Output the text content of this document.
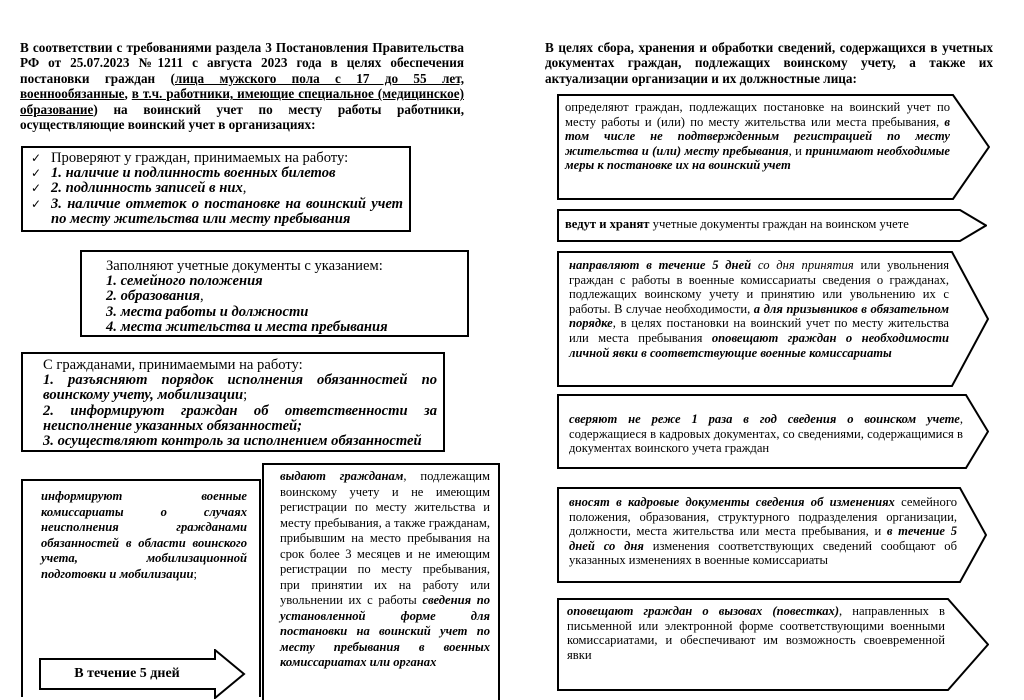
В соответствии с требованиями раздела 3 Постановления Правительства РФ от 25.07.2023 №1211 с августа 2023 года в целях обеспечения постановки граждан (лица мужского пола с 17 до 55 лет, военнообязанные, в т.ч. работники, имеющие специальное (медицинское) образование) на воинский учет по месту работы работники, осуществляющие воинский учет в организациях:
В целях сбора, хранения и обработки сведений, содержащихся в учетных документах граждан, подлежащих воинскому учету, а также их актуализации организации и их должностные лица:
✓ Проверяют у граждан, принимаемых на работу:
✓ 1. наличие и подлинность военных билетов
✓ 2. подлинность записей в них,
✓ 3. наличие отметок о постановке на воинский учет по месту жительства или месту пребывания
Заполняют учетные документы с указанием:
1. семейного положения
2. образования,
3. места работы и должности
4. места жительства и места пребывания
С гражданами, принимаемыми на работу:
1. разъясняют порядок исполнения обязанностей по воинскому учету, мобилизации;
2. информируют граждан об ответственности за неисполнение указанных обязанностей;
3. осуществляют контроль за исполнением обязанностей
информируют военные комиссариаты о случаях неисполнения гражданами обязанностей в области воинского учета, мобилизационной подготовки и мобилизации;
В течение 5 дней
выдают гражданам, подлежащим воинскому учету и не имеющим регистрации по месту жительства и месту пребывания, а также гражданам, прибывшим на место пребывания на срок более 3 месяцев и не имеющим регистрации по месту пребывания, при принятии их на работу или увольнении их с работы сведения по установленной форме для постановки на воинский учет по месту пребывания в военных комиссариатах или органах
определяют граждан, подлежащих постановке на воинский учет по месту работы и (или) по месту жительства или места пребывания, в том числе не подтвержденным регистрацией по месту жительства и (или) месту пребывания, и принимают необходимые меры к постановке их на воинский учет
ведут и хранят учетные документы граждан на воинском учете
направляют в течение 5 дней со дня принятия или увольнения граждан с работы в военные комиссариаты сведения о гражданах, подлежащих воинскому учету и принятию или увольнению их с работы. В случае необходимости, а для призывников в обязательном порядке, в целях постановки на воинский учет по месту жительства или места пребывания оповещают граждан о необходимости личной явки в соответствующие военные комиссариаты
сверяют не реже 1 раза в год сведения о воинском учете, содержащиеся в кадровых документах, со сведениями, содержащимися в документах воинского учета граждан
вносят в кадровые документы сведения об изменениях семейного положения, образования, структурного подразделения организации, должности, места жительства или места пребывания, и в течение 5 дней со дня изменения соответствующих сведений сообщают об указанных изменениях в военные комиссариаты
оповещают граждан о вызовах (повестках), направленных в письменной или электронной форме соответствующими военными комиссариатами, и обеспечивают им возможность своевременной явки
